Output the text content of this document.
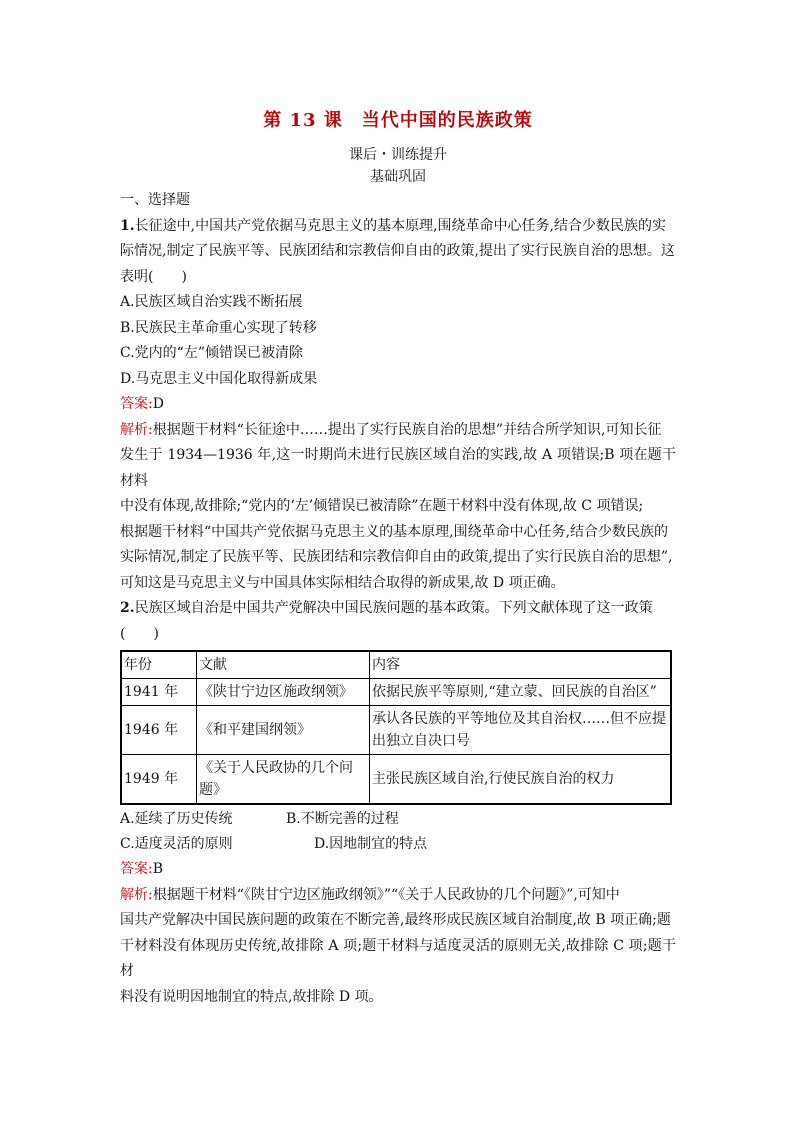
第 13 课　当代中国的民族政策

课后・训练提升

基础巩固

一、选择题

1.长征途中,中国共产党依据马克思主义的基本原理,围绕革命中心任务,结合少数民族的实

际情况,制定了民族平等、民族团结和宗教信仰自由的政策,提出了实行民族自治的思想。这

表明(　　)

A.民族区域自治实践不断拓展

B.民族民主革命重心实现了转移

C.党内的“左”倾错误已被清除

D.马克思主义中国化取得新成果

答案:D

解析:根据题干材料“长征途中……提出了实行民族自治的思想”并结合所学知识,可知长征

发生于 1934—1936 年,这一时期尚未进行民族区域自治的实践,故 A 项错误;B 项在题干材料

中没有体现,故排除;“党内的‘左’倾错误已被清除”在题干材料中没有体现,故 C 项错误;

根据题干材料“中国共产党依据马克思主义的基本原理,围绕革命中心任务,结合少数民族的

实际情况,制定了民族平等、民族团结和宗教信仰自由的政策,提出了实行民族自治的思想”,

可知这是马克思主义与中国具体实际相结合取得的新成果,故 D 项正确。

2.民族区域自治是中国共产党解决中国民族问题的基本政策。下列文献体现了这一政策

(　　)

年份	文献	内容
1941 年	《陕甘宁边区施政纲领》	依据民族平等原则,“建立蒙、回民族的自治区”
1946 年	《和平建国纲领》	承认各民族的平等地位及其自治权……但不应提出独立自决口号
1949 年	《关于人民政协的几个问题》	主张民族区域自治,行使民族自治的权力
A.延续了历史传统	B.不断完善的过程
C.适度灵活的原则	D.因地制宜的特点

答案:B

解析:根据题干材料“《陕甘宁边区施政纲领》”“《关于人民政协的几个问题》”,可知中

国共产党解决中国民族问题的政策在不断完善,最终形成民族区域自治制度,故 B 项正确;题

干材料没有体现历史传统,故排除 A 项;题干材料与适度灵活的原则无关,故排除 C 项;题干材

料没有说明因地制宜的特点,故排除 D 项。
